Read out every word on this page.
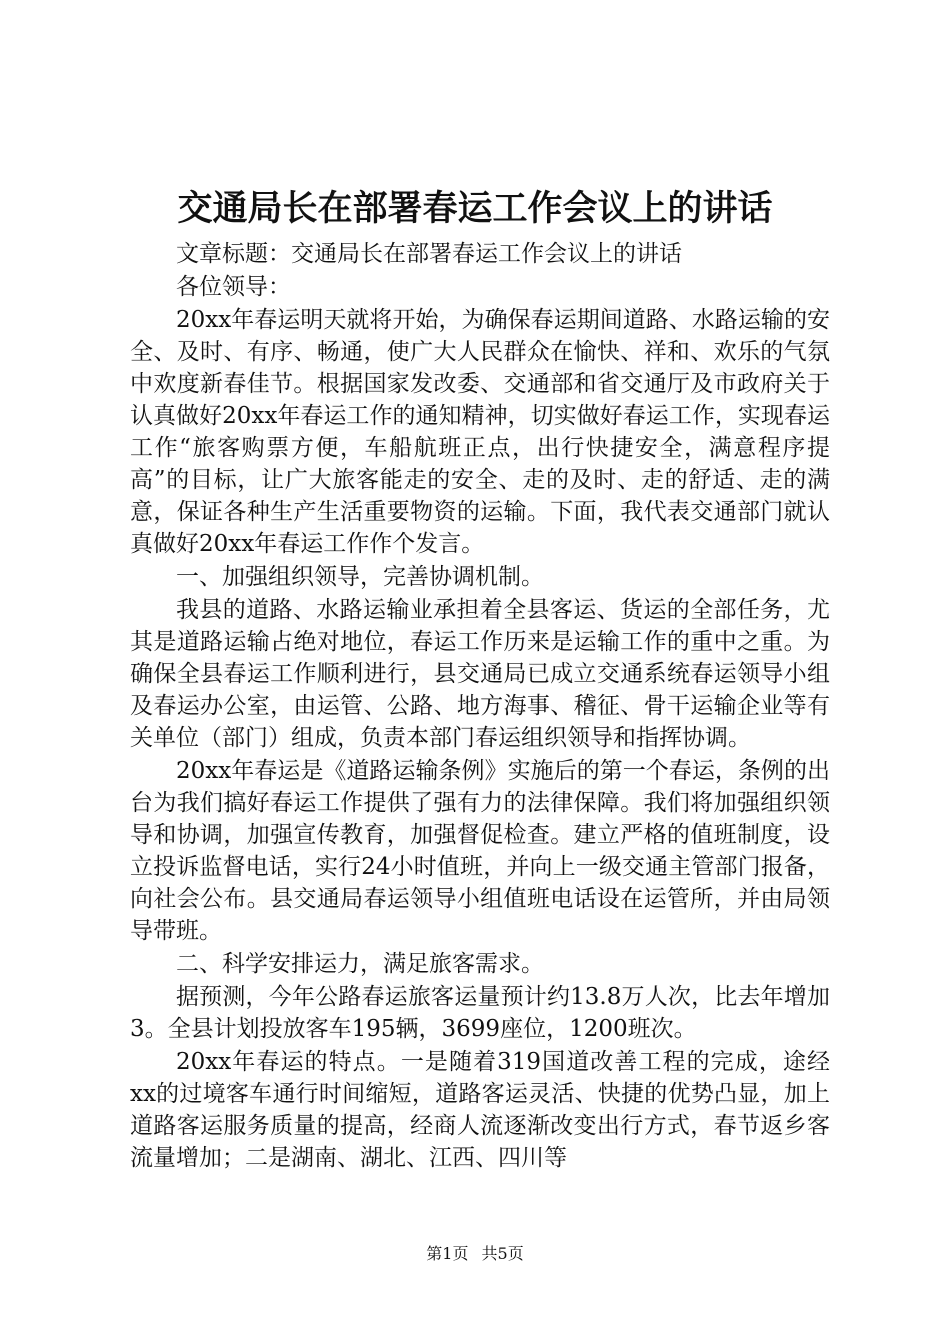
交通局长在部署春运工作会议上的讲话

文章标题：交通局长在部署春运工作会议上的讲话

各位领导：

20xx年春运明天就将开始，为确保春运期间道路、水路运输的安全、及时、有序、畅通，使广大人民群众在愉快、祥和、欢乐的气氛中欢度新春佳节。根据国家发改委、交通部和省交通厅及市政府关于认真做好20xx年春运工作的通知精神，切实做好春运工作，实现春运工作“旅客购票方便，车船航班正点，出行快捷安全，满意程序提高”的目标，让广大旅客能走的安全、走的及时、走的舒适、走的满意，保证各种生产生活重要物资的运输。下面，我代表交通部门就认真做好20xx年春运工作作个发言。

一、加强组织领导，完善协调机制。

我县的道路、水路运输业承担着全县客运、货运的全部任务，尤其是道路运输占绝对地位，春运工作历来是运输工作的重中之重。为确保全县春运工作顺利进行，县交通局已成立交通系统春运领导小组及春运办公室，由运管、公路、地方海事、稽征、骨干运输企业等有关单位（部门）组成，负责本部门春运组织领导和指挥协调。

20xx年春运是《道路运输条例》实施后的第一个春运，条例的出台为我们搞好春运工作提供了强有力的法律保障。我们将加强组织领导和协调，加强宣传教育，加强督促检查。建立严格的值班制度，设立投诉监督电话，实行24小时值班，并向上一级交通主管部门报备，向社会公布。县交通局春运领导小组值班电话设在运管所，并由局领导带班。

二、科学安排运力，满足旅客需求。

据预测，今年公路春运旅客运量预计约13.8万人次，比去年增加3。全县计划投放客车195辆，3699座位，1200班次。

20xx年春运的特点。一是随着319国道改善工程的完成，途经xx的过境客车通行时间缩短，道路客运灵活、快捷的优势凸显，加上道路客运服务质量的提高，经商人流逐渐改变出行方式，春节返乡客流量增加；二是湖南、湖北、江西、四川等

第1页 共5页
